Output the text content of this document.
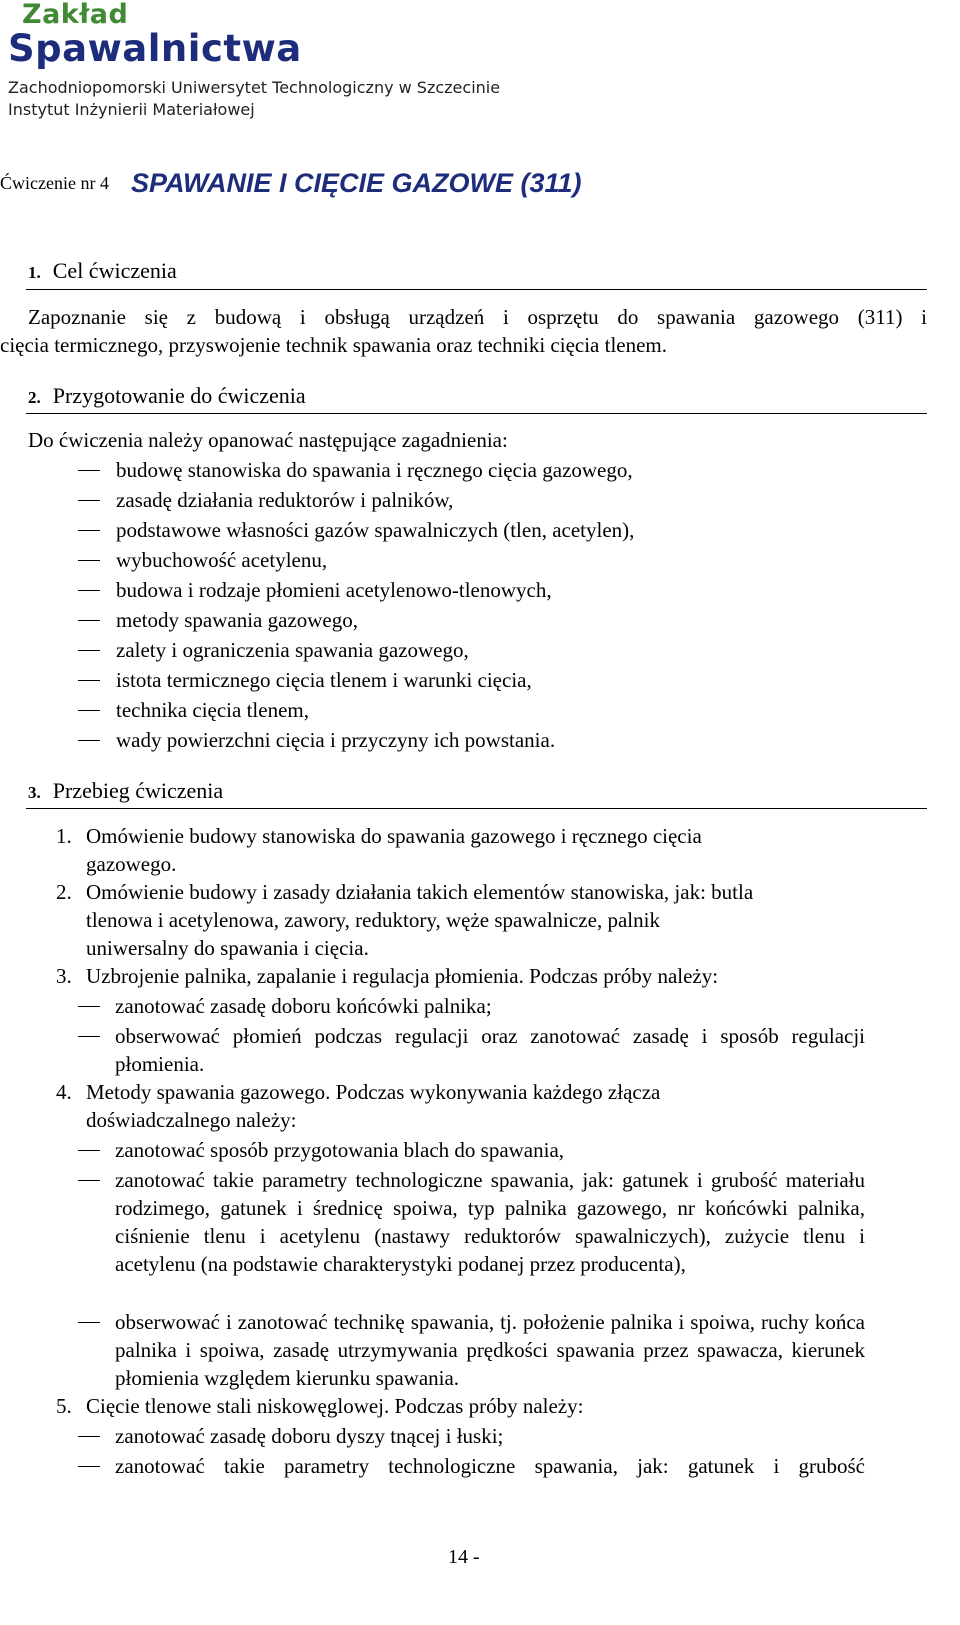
Zakład
Spawalnictwa
Zachodniopomorski Uniwersytet Technologiczny w Szczecinie
Instytut Inżynierii Materiałowej
Ćwiczenie nr 4 SPAWANIE I CIĘCIE GAZOWE (311)
1. Cel ćwiczenia
Zapoznanie się z budową i obsługą urządzeń i osprzętu do spawania gazowego (311) i
cięcia termicznego, przyswojenie technik spawania oraz techniki cięcia tlenem.
2. Przygotowanie do ćwiczenia
Do ćwiczenia należy opanować następujące zagadnienia:
budowę stanowiska do spawania i ręcznego cięcia gazowego,
zasadę działania reduktorów i palników,
podstawowe własności gazów spawalniczych (tlen, acetylen),
wybuchowość acetylenu,
budowa i rodzaje płomieni acetylenowo-tlenowych,
metody spawania gazowego,
zalety i ograniczenia spawania gazowego,
istota termicznego cięcia tlenem i warunki cięcia,
technika cięcia tlenem,
wady powierzchni cięcia i przyczyny ich powstania.
3. Przebieg ćwiczenia
1. Omówienie budowy stanowiska do spawania gazowego i ręcznego cięcia
gazowego.
2. Omówienie budowy i zasady działania takich elementów stanowiska, jak: butla
tlenowa i acetylenowa, zawory, reduktory, węże spawalnicze, palnik
uniwersalny do spawania i cięcia.
3. Uzbrojenie palnika, zapalanie i regulacja płomienia. Podczas próby należy:
zanotować zasadę doboru końcówki palnika;
obserwować płomień podczas regulacji oraz zanotować zasadę i sposób regulacji płomienia.
4. Metody spawania gazowego. Podczas wykonywania każdego złącza
doświadczalnego należy:
zanotować sposób przygotowania blach do spawania,
zanotować takie parametry technologiczne spawania, jak: gatunek i grubość materiału rodzimego, gatunek i średnicę spoiwa, typ palnika gazowego, nr końcówki palnika, ciśnienie tlenu i acetylenu (nastawy reduktorów spawalniczych), zużycie tlenu i acetylenu (na podstawie charakterystyki podanej przez producenta),
obserwować i zanotować technikę spawania, tj. położenie palnika i spoiwa, ruchy końca palnika i spoiwa, zasadę utrzymywania prędkości spawania przez spawacza, kierunek płomienia względem kierunku spawania.
5. Cięcie tlenowe stali niskowęglowej. Podczas próby należy:
zanotować zasadę doboru dyszy tnącej i łuski;
zanotować takie parametry technologiczne spawania, jak: gatunek i grubość
14 -
